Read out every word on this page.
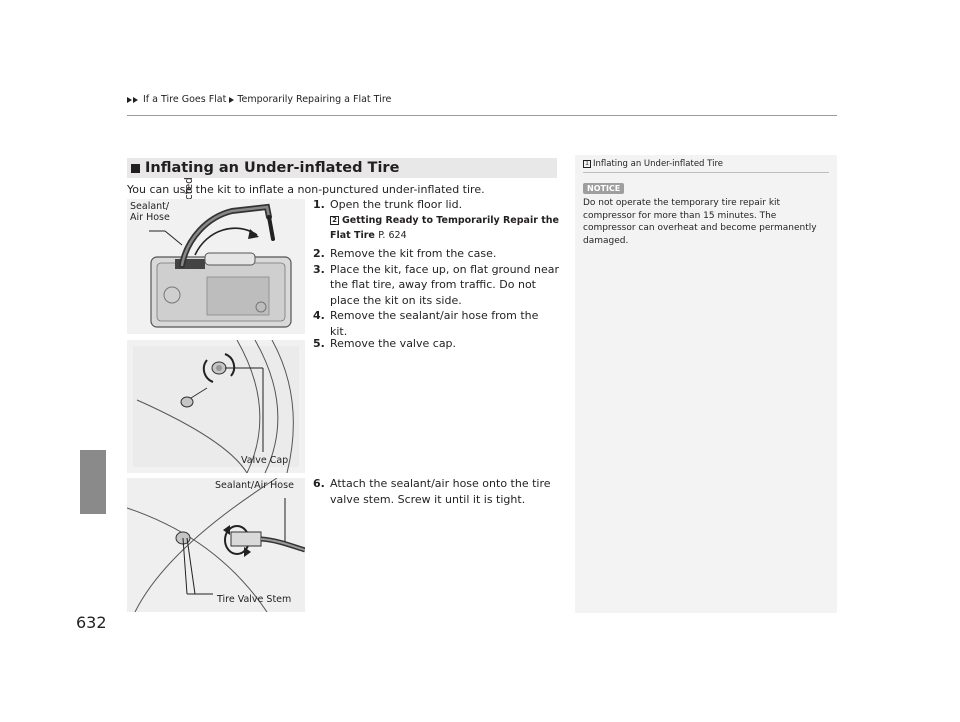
If a Tire Goes Flat Temporarily Repairing a Flat Tire
632
Inflating an Under-inflated Tire
You can use the kit to inflate a non-punctured under-inflated tire.
Sealant/
Air Hose
Valve Cap
Sealant/Air Hose
Tire Valve Stem
1. Open the trunk floor lid.
2 Getting Ready to Temporarily Repair the Flat Tire P. 624
2. Remove the kit from the case.
3. Place the kit, face up, on flat ground near the flat tire, away from traffic. Do not place the kit on its side.
4. Remove the sealant/air hose from the kit.
5. Remove the valve cap.
6. Attach the sealant/air hose onto the tire valve stem. Screw it until it is tight.
1 Inflating an Under-inflated Tire
NOTICE
Do not operate the temporary tire repair kit compressor for more than 15 minutes. The compressor can overheat and become permanently damaged.
